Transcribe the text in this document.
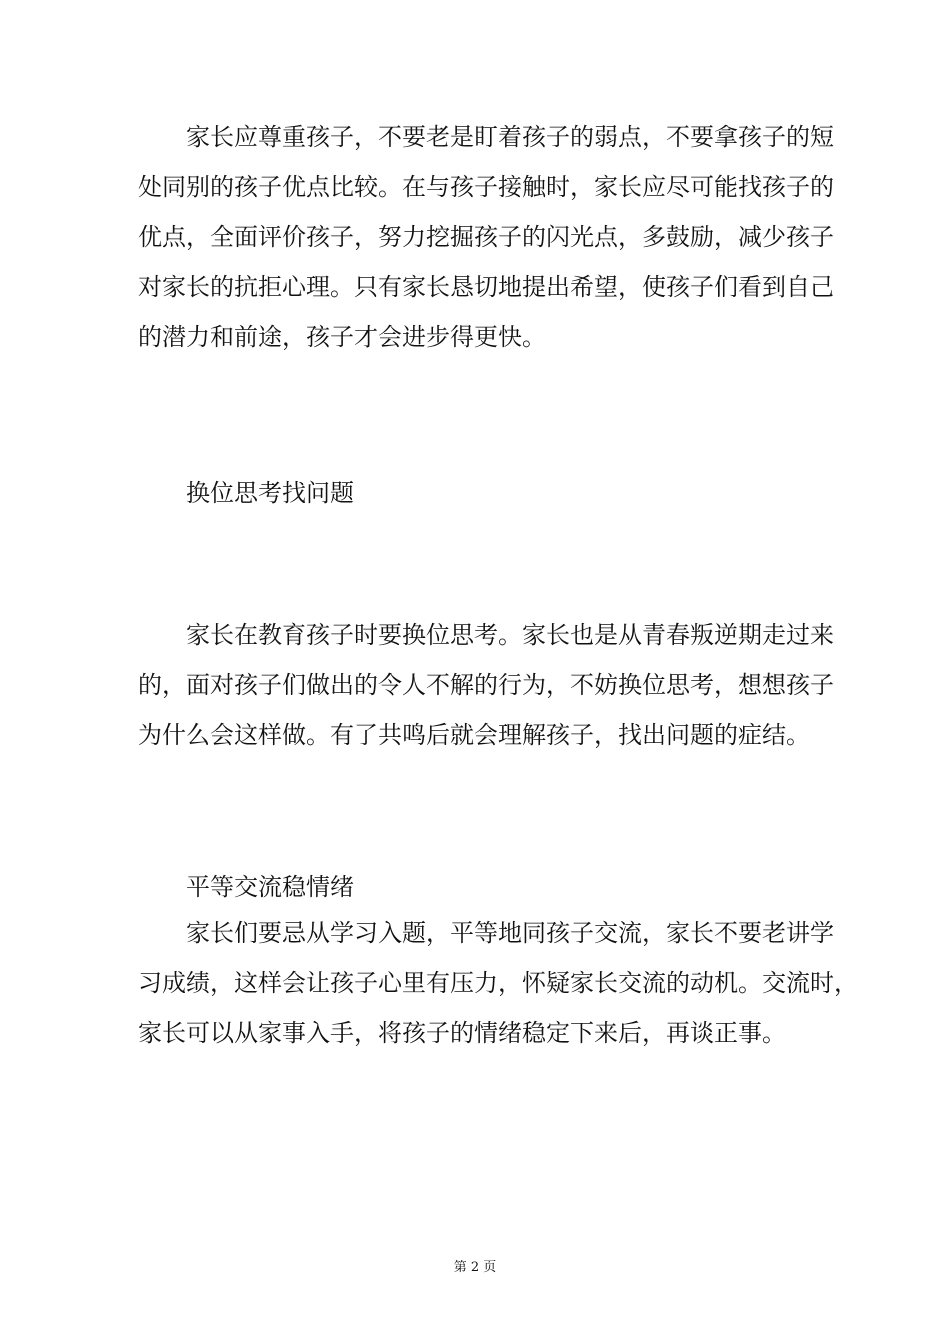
家长应尊重孩子，不要老是盯着孩子的弱点，不要拿孩子的短
处同别的孩子优点比较。在与孩子接触时，家长应尽可能找孩子的
优点，全面评价孩子，努力挖掘孩子的闪光点，多鼓励，减少孩子
对家长的抗拒心理。只有家长恳切地提出希望，使孩子们看到自己
的潜力和前途，孩子才会进步得更快。
换位思考找问题
家长在教育孩子时要换位思考。家长也是从青春叛逆期走过来
的，面对孩子们做出的令人不解的行为，不妨换位思考，想想孩子
为什么会这样做。有了共鸣后就会理解孩子，找出问题的症结。
平等交流稳情绪
家长们要忌从学习入题，平等地同孩子交流，家长不要老讲学
习成绩，这样会让孩子心里有压力，怀疑家长交流的动机。交流时，
家长可以从家事入手，将孩子的情绪稳定下来后，再谈正事。
第 2 页
